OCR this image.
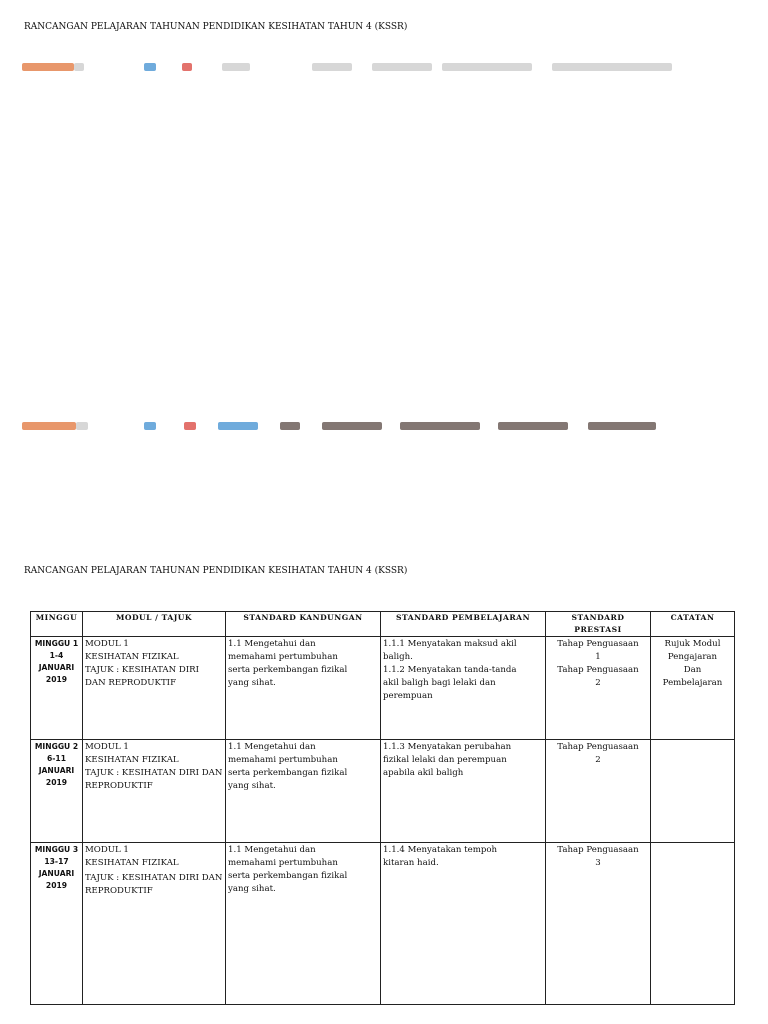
RANCANGAN PELAJARAN TAHUNAN PENDIDIKAN KESIHATAN TAHUN 4 (KSSR)
RANCANGAN PELAJARAN TAHUNAN PENDIDIKAN KESIHATAN TAHUN 4 (KSSR)
MINGGU	MODUL / TAJUK	STANDARD KANDUNGAN	STANDARD PEMBELAJARAN	STANDARD PRESTASI	CATATAN

MINGGU 1
1-4
JANUARI
2019	MODUL 1
KESIHATAN FIZIKAL
TAJUK : KESIHATAN DIRI
DAN REPRODUKTIF	1.1 Mengetahui dan
memahami pertumbuhan
serta perkembangan fizikal
yang sihat.	1.1.1 Menyatakan maksud akil
baligh.
1.1.2 Menyatakan tanda-tanda
akil baligh bagi lelaki dan
perempuan	Tahap Penguasaan
1
Tahap Penguasaan
2	Rujuk Modul
Pengajaran
Dan
Pembelajaran

MINGGU 2
6-11
JANUARI
2019	MODUL 1
KESIHATAN FIZIKAL
TAJUK : KESIHATAN DIRI DAN
REPRODUKTIF	1.1 Mengetahui dan
memahami pertumbuhan
serta perkembangan fizikal
yang sihat.	1.1.3 Menyatakan perubahan
fizikal lelaki dan perempuan
apabila akil baligh	Tahap Penguasaan
2	

MINGGU 3
13-17
JANUARI
2019	MODUL 1
KESIHATAN FIZIKAL
TAJUK : KESIHATAN DIRI DAN
REPRODUKTIF	1.1 Mengetahui dan
memahami pertumbuhan
serta perkembangan fizikal
yang sihat.	1.1.4 Menyatakan tempoh
kitaran haid.	Tahap Penguasaan
3	
